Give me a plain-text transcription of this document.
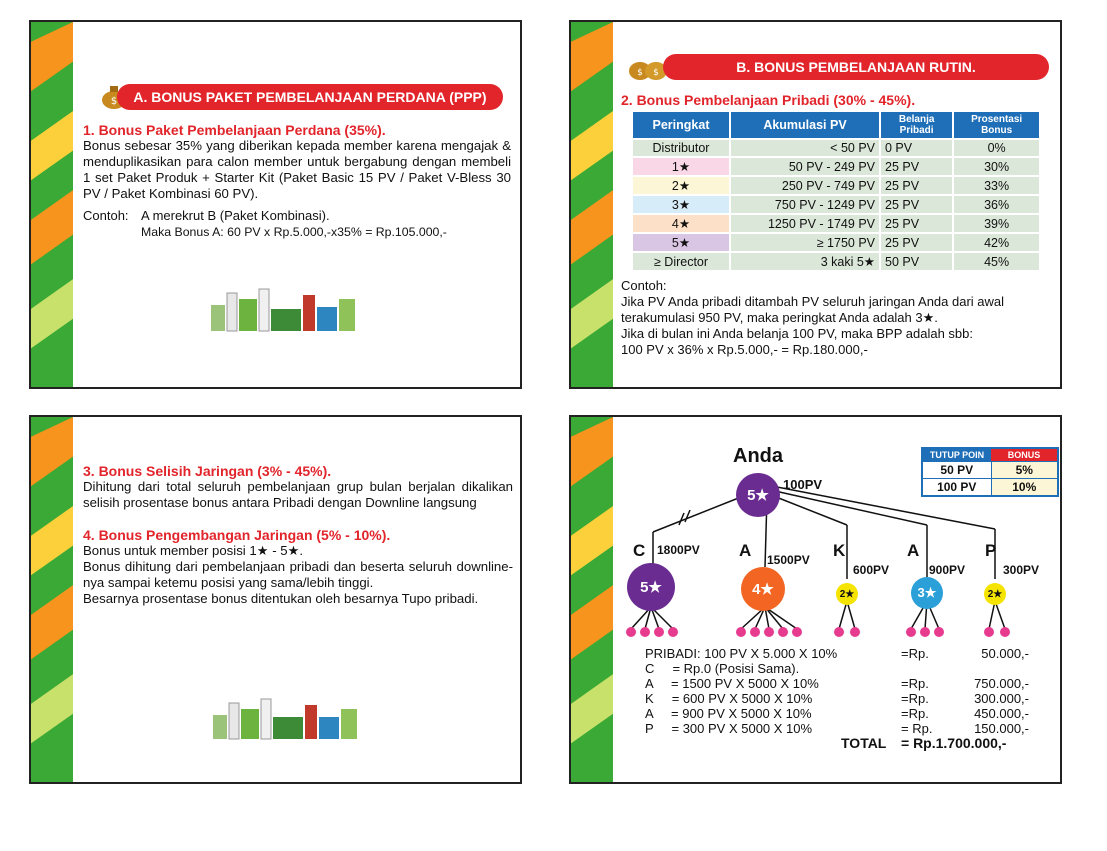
$	A. BONUS PAKET PEMBELANJAAN PERDANA (PPP)
1. Bonus Paket Pembelanjaan Perdana (35%).

Bonus sebesar 35% yang diberikan kepada member karena mengajak & menduplikasikan para calon member untuk bergabung dengan membeli 1 set Paket Produk + Starter Kit (Paket Basic 15 PV / Paket V-Bless 30 PV / Paket Kombinasi 60 PV).

Contoh: A merekrut B (Paket Kombinasi).
Maka Bonus A: 60 PV x Rp.5.000,-x35% = Rp.105.000,-
$ $	B. BONUS PEMBELANJAAN RUTIN.
2. Bonus Pembelanjaan Pribadi (30% - 45%).
Peringkat	Akumulasi PV	Belanja Pribadi	Prosentasi Bonus
Distributor	< 50 PV	0 PV	0%
1★	50 PV - 249 PV	25 PV	30%
2★	250 PV - 749 PV	25 PV	33%
3★	750 PV - 1249 PV	25 PV	36%
4★	1250 PV - 1749 PV	25 PV	39%
5★	≥ 1750 PV	25 PV	42%
≥ Director	3 kaki 5★	50 PV	45%
Contoh:
Jika PV Anda pribadi ditambah PV seluruh jaringan Anda dari awal terakumulasi 950 PV, maka peringkat Anda adalah 3★.
Jika di bulan ini Anda belanja 100 PV, maka BPP adalah sbb:
100 PV x 36% x Rp.5.000,- = Rp.180.000,-
3. Bonus Selisih Jaringan (3% - 45%).

Dihitung dari total seluruh pembelanjaan grup bulan berjalan dikalikan selisih prosentase bonus antara Pribadi dengan Downline langsung

4. Bonus Pengembangan Jaringan (5% - 10%).

Bonus untuk member posisi 1★ - 5★.

Bonus dihitung dari pembelanjaan pribadi dan beserta seluruh downline-nya sampai ketemu posisi yang sama/lebih tinggi.

Besarnya prosentase bonus ditentukan oleh besarnya Tupo pribadi.

Anda
5★
100PV
TUTUP POIN	BONUS
50 PV	5%
100 PV	10%
C 1800PV
5★
A 1500PV
4★
K
600PV
2★
A
900PV
3★
P
300PV
2★
PRIBADI: 100 PV X 5.000 X 10%	=Rp.	50.000,-
C     = Rp.0 (Posisi Sama).
A     = 1500 PV X 5000 X 10%	=Rp.	750.000,-
K     = 600 PV X 5000 X 10%	=Rp.	300.000,-
A     = 900 PV X 5000 X 10%	=Rp.	450.000,-
P     = 300 PV X 5000 X 10%	= Rp.	150.000,-
TOTAL	= Rp.1.700.000,-
